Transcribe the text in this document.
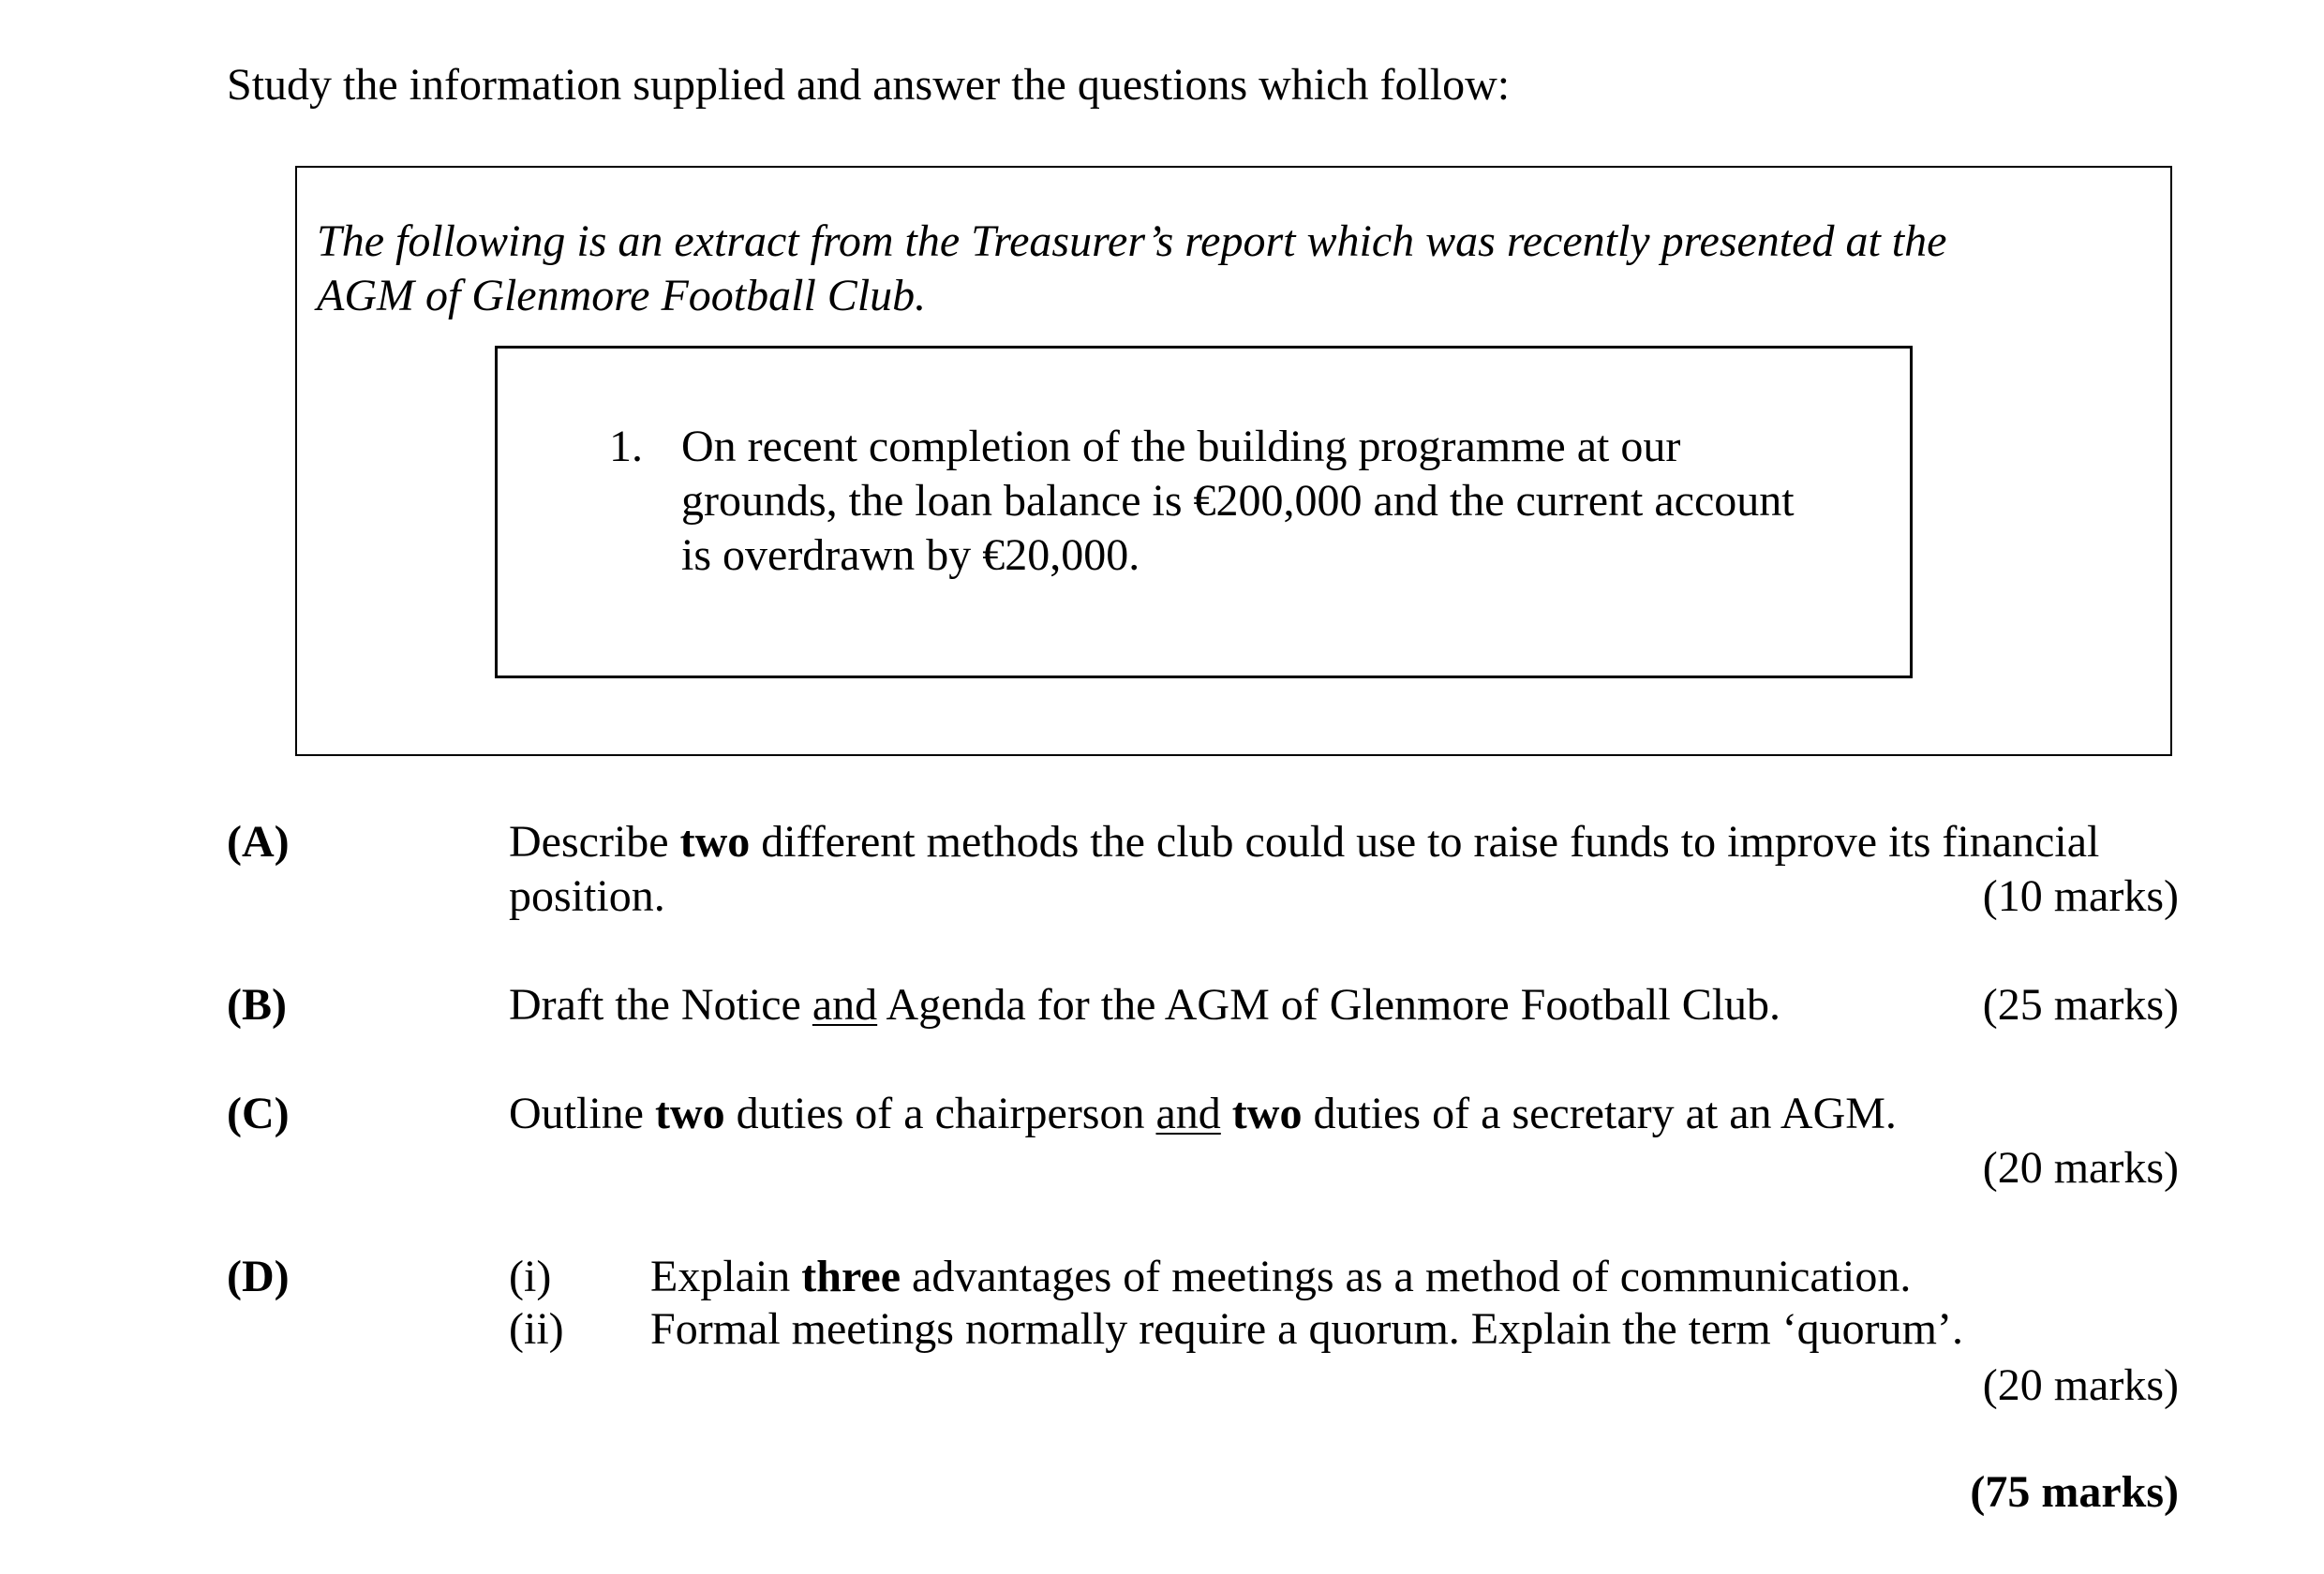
Study the information supplied and answer the questions which follow:
The following is an extract from the Treasurer’s report which was recently presented at the
AGM of Glenmore Football Club.
1. On recent completion of the building programme at our
grounds, the loan balance is €200,000 and the current account
is overdrawn by €20,000.
(A)	Describe two different methods the club could use to raise funds to improve its financial
position.	(10 marks)
(B)	Draft the Notice and Agenda for the AGM of Glenmore Football Club.	(25 marks)
(C)	Outline two duties of a chairperson and two duties of a secretary at an AGM.
(20 marks)
(D)	(i) Explain three advantages of meetings as a method of communication.
(ii) Formal meetings normally require a quorum. Explain the term ‘quorum’.
(20 marks)
(75 marks)
